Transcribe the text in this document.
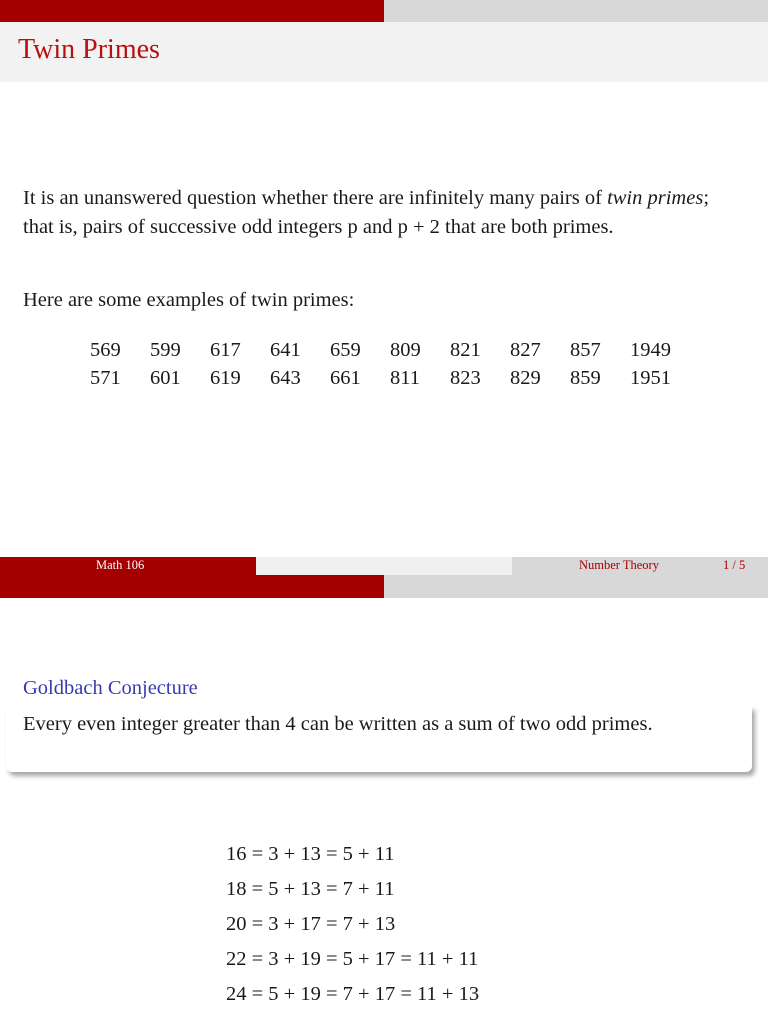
Twin Primes
It is an unanswered question whether there are infinitely many pairs of twin primes; that is, pairs of successive odd integers p and p + 2 that are both primes.
Here are some examples of twin primes:
569	599	617	641	659	809	821	827	857	1949
571	601	619	643	661	811	823	829	859	1951
Math 106	Number Theory	1 / 5
Goldbach Conjecture
Every even integer greater than 4 can be written as a sum of two odd primes.
16 = 3 + 13 = 5 + 11
18 = 5 + 13 = 7 + 11
20 = 3 + 17 = 7 + 13
22 = 3 + 19 = 5 + 17 = 11 + 11
24 = 5 + 19 = 7 + 17 = 11 + 13
